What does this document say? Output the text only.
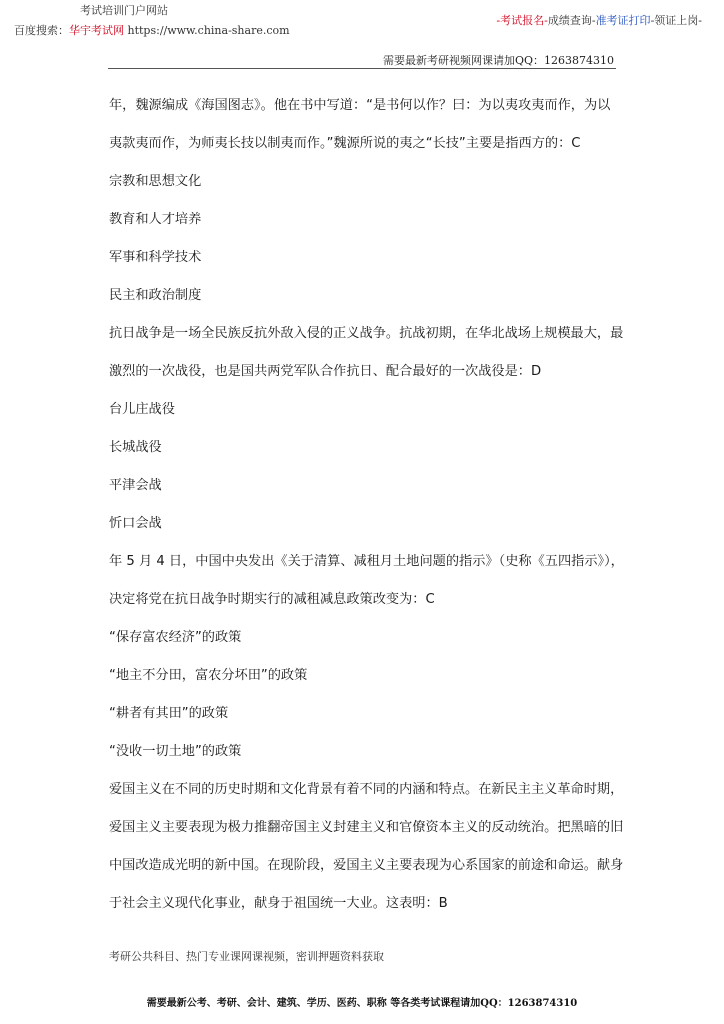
考试培训门户网站
百度搜索：华宇考试网 https://www.china-share.com
-考试报名-成绩查询-准考证打印-领证上岗-
需要最新考研视频网课请加QQ：1263874310
年，魏源编成《海国图志》。他在书中写道：“是书何以作？曰：为以夷攻夷而作，为以
夷款夷而作，为师夷长技以制夷而作。”魏源所说的夷之“长技”主要是指西方的：C
宗教和思想文化
教育和人才培养
军事和科学技术
民主和政治制度
抗日战争是一场全民族反抗外敌入侵的正义战争。抗战初期，在华北战场上规模最大，最
激烈的一次战役，也是国共两党军队合作抗日、配合最好的一次战役是：D
台儿庄战役
长城战役
平津会战
忻口会战
年 5 月 4 日，中国中央发出《关于清算、减租月土地问题的指示》（史称《五四指示》），
决定将党在抗日战争时期实行的减租减息政策改变为：C
“保存富农经济”的政策
“地主不分田，富农分坏田”的政策
“耕者有其田”的政策
“没收一切土地”的政策
爱国主义在不同的历史时期和文化背景有着不同的内涵和特点。在新民主主义革命时期，
爱国主义主要表现为极力推翻帝国主义封建主义和官僚资本主义的反动统治。把黑暗的旧
中国改造成光明的新中国。在现阶段，爱国主义主要表现为心系国家的前途和命运。献身
于社会主义现代化事业，献身于祖国统一大业。这表明：B
考研公共科目、热门专业课网课视频，密训押题资料获取
需要最新公考、考研、会计、建筑、学历、医药、职称 等各类考试课程请加QQ：1263874310
